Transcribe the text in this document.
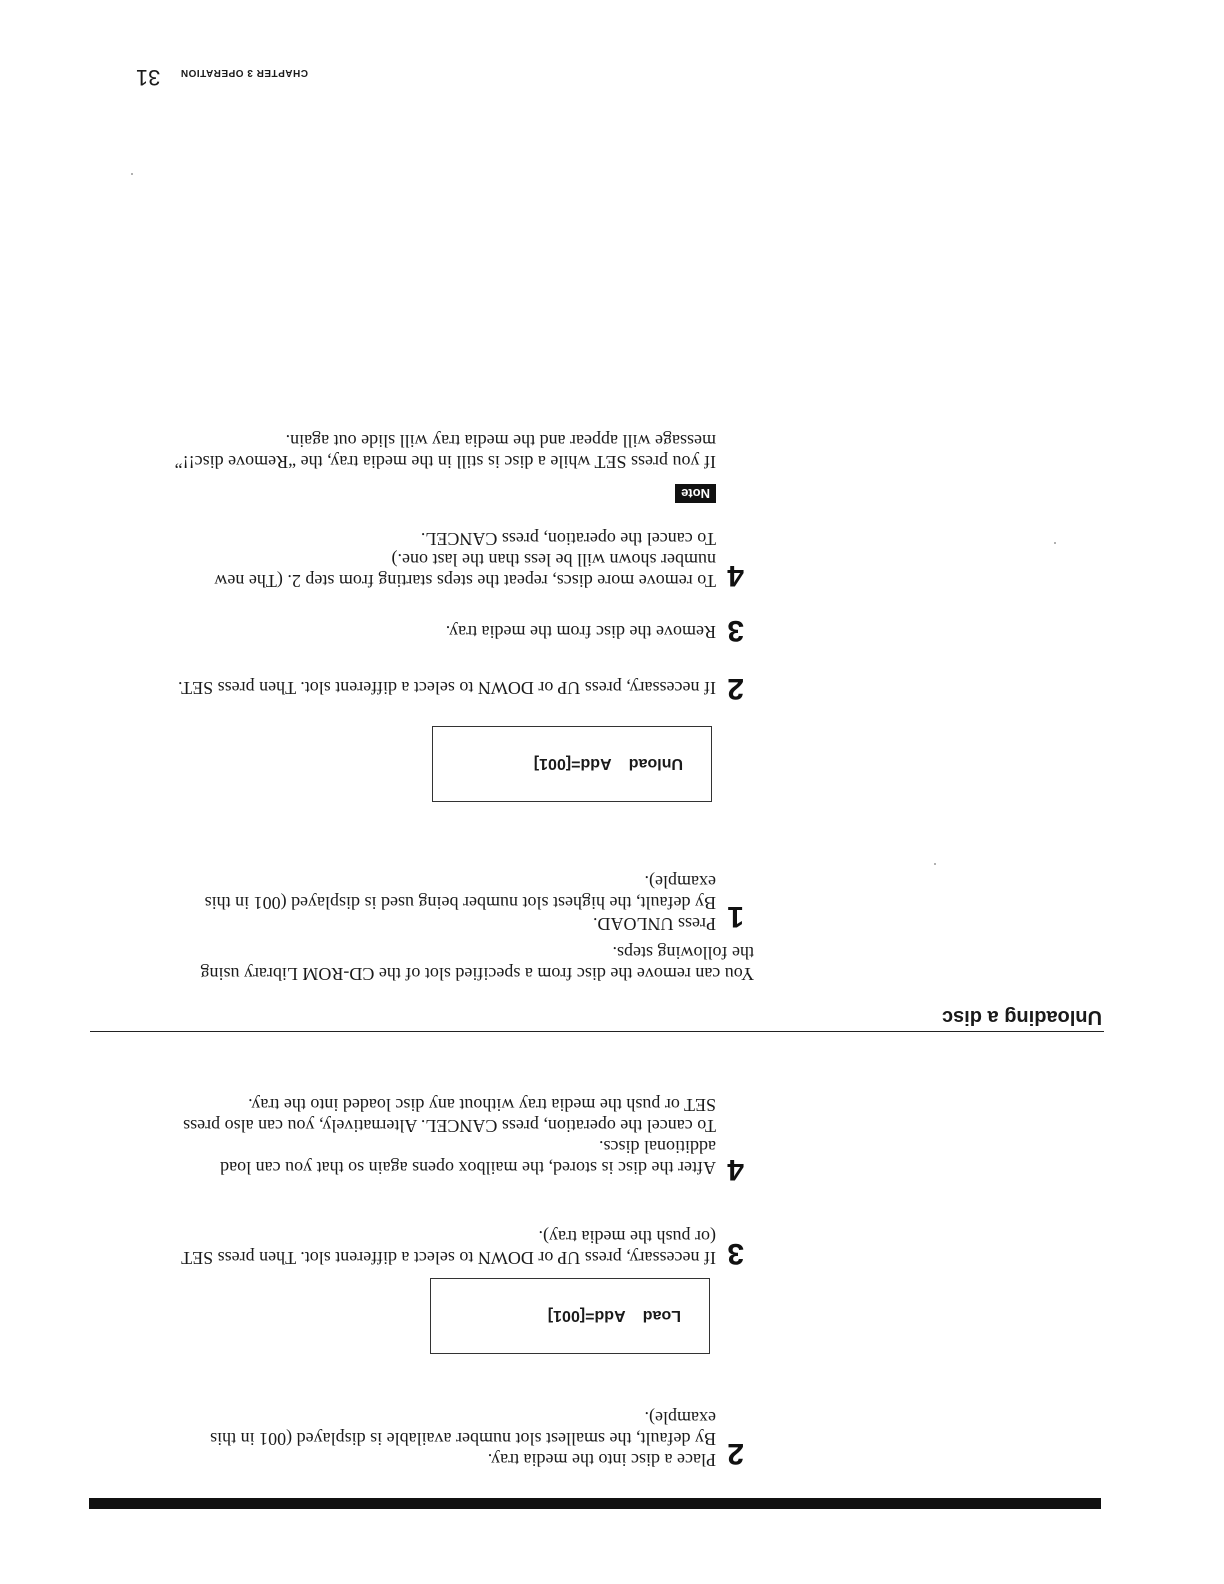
2
Place a disc into the media tray.
By default, the smallest slot number available is displayed (001 in this
example).
Load    Add=[001]
3
If necessary, press UP or DOWN to select a different slot. Then press SET
(or push the media tray).
4
After the disc is stored, the mailbox opens again so that you can load
additional discs.
To cancel the operation, press CANCEL. Alternatively, you can also press
SET or push the media tray without any disc loaded into the tray.
Unloading a disc
You can remove the disc from a specified slot of the CD-ROM Library using
the following steps.
1
Press UNLOAD.
By default, the highest slot number being used is displayed (001 in this
example).
Unload    Add=[001]
2
If necessary, press UP or DOWN to select a different slot. Then press SET.
3
Remove the disc from the media tray.
4
To remove more discs, repeat the steps starting from step 2. (The new
number shown will be less than the last one.)
To cancel the operation, press CANCEL.
Note
If you press SET while a disc is still in the media tray, the “Remove disc!!”
message will appear and the media tray will slide out again.
CHAPTER 3 OPERATION 31
